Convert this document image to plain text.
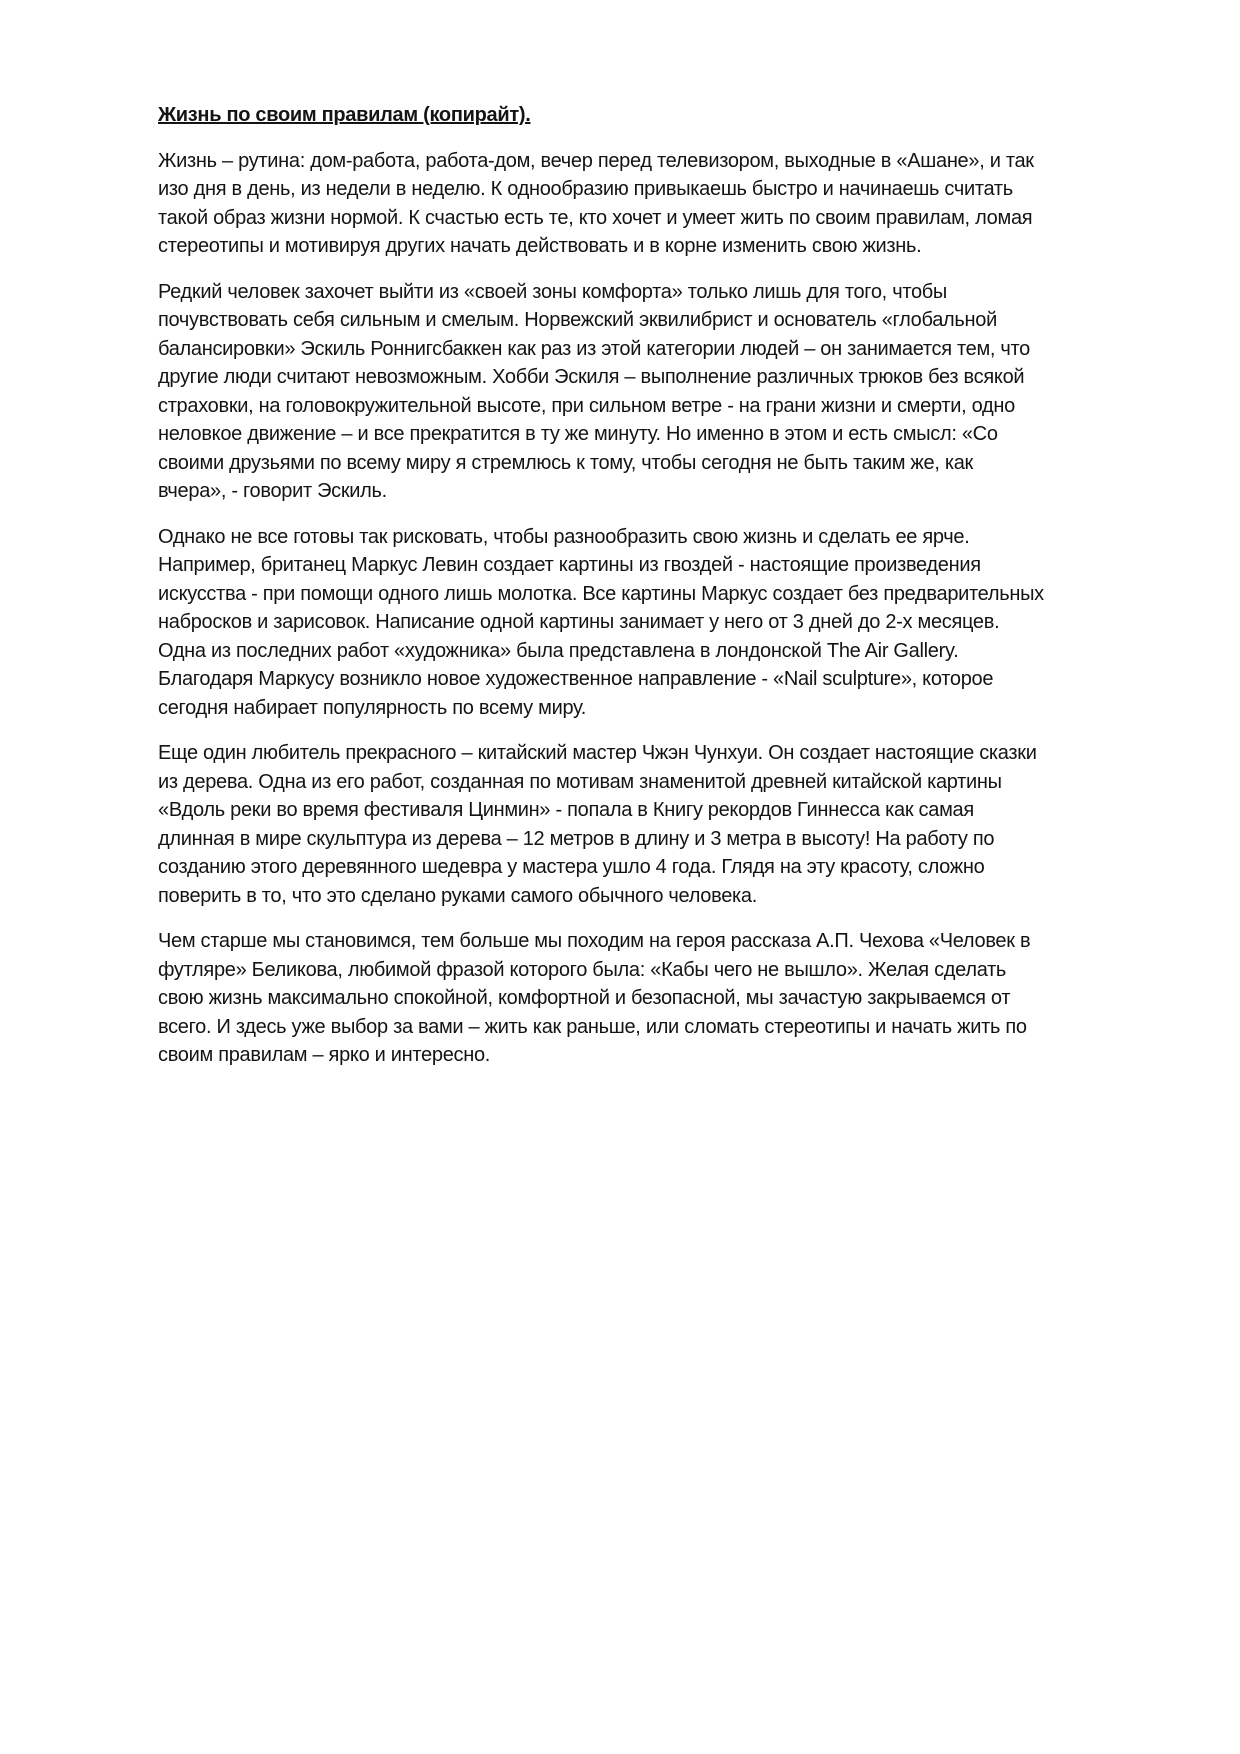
Жизнь по своим правилам (копирайт).

Жизнь – рутина: дом-работа, работа-дом, вечер перед телевизором, выходные в «Ашане», и так изо дня в день, из недели в неделю. К однообразию привыкаешь быстро и начинаешь считать такой образ жизни нормой. К счастью есть те, кто хочет и умеет жить по своим правилам, ломая стереотипы и мотивируя других начать действовать и в корне изменить свою жизнь.

Редкий человек захочет выйти из «своей зоны комфорта» только лишь для того, чтобы почувствовать себя сильным и смелым. Норвежский эквилибрист и основатель «глобальной балансировки» Эскиль Роннигсбаккен как раз из этой категории людей – он занимается тем, что другие люди считают невозможным. Хобби Эскиля – выполнение различных трюков без всякой страховки, на головокружительной высоте, при сильном ветре - на грани жизни и смерти, одно неловкое движение – и все прекратится в ту же минуту. Но именно в этом и есть смысл: «Со своими друзьями по всему миру я стремлюсь к тому, чтобы сегодня не быть таким же, как вчера», - говорит Эскиль.

Однако не все готовы так рисковать, чтобы разнообразить свою жизнь и сделать ее ярче. Например, британец Маркус Левин создает картины из гвоздей - настоящие произведения искусства - при помощи одного лишь молотка. Все картины Маркус создает без предварительных набросков и зарисовок. Написание одной картины занимает у него от 3 дней до 2-х месяцев. Одна из последних работ «художника» была представлена в лондонской The Air Gallery. Благодаря Маркусу возникло новое художественное направление - «Nail sculpture», которое сегодня набирает популярность по всему миру.

Еще один любитель прекрасного – китайский мастер Чжэн Чунхуи. Он создает настоящие сказки из дерева. Одна из его работ, созданная по мотивам знаменитой древней китайской картины «Вдоль реки во время фестиваля Цинмин» - попала в Книгу рекордов Гиннесса как самая длинная в мире скульптура из дерева – 12 метров в длину и 3 метра в высоту! На работу по созданию этого деревянного шедевра у мастера ушло 4 года. Глядя на эту красоту, сложно поверить в то, что это сделано руками самого обычного человека.

Чем старше мы становимся, тем больше мы походим на героя рассказа А.П. Чехова «Человек в футляре» Беликова, любимой фразой которого была: «Кабы чего не вышло». Желая сделать свою жизнь максимально спокойной, комфортной и безопасной, мы зачастую закрываемся от всего. И здесь уже выбор за вами – жить как раньше, или сломать стереотипы и начать жить по своим правилам – ярко и интересно.
